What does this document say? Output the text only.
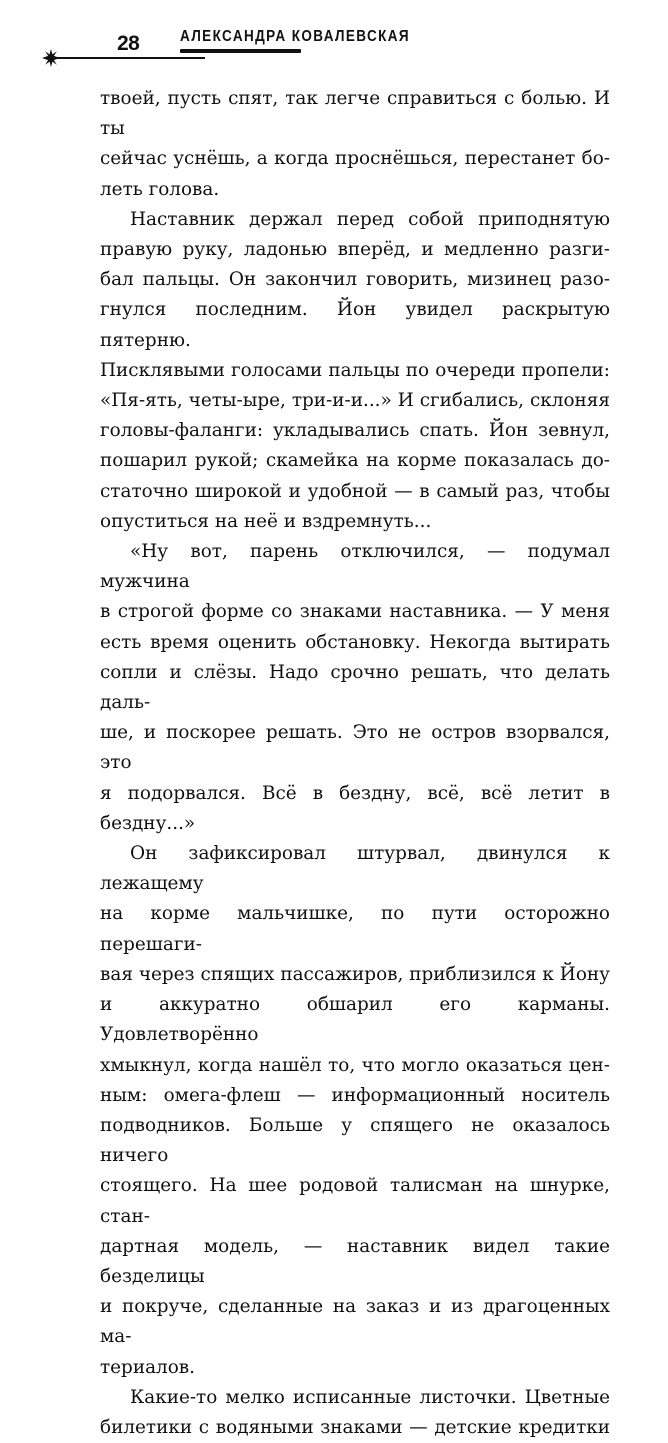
28	АЛЕКСАНДРА КОВАЛЕВСКАЯ

твоей, пусть спят, так легче справиться с болью. И ты
сейчас уснёшь, а когда проснёшься, перестанет бо-
леть голова.

Наставник держал перед собой приподнятую
правую руку, ладонью вперёд, и медленно разги-
бал пальцы. Он закончил говорить, мизинец разо-
гнулся последним. Йон увидел раскрытую пятерню.
Писклявыми голосами пальцы по очереди пропели:
«Пя-ять, четы-ыре, три-и-и...» И сгибались, склоняя
головы-фаланги: укладывались спать. Йон зевнул,
пошарил рукой; скамейка на корме показалась до-
статочно широкой и удобной — в самый раз, чтобы
опуститься на неё и вздремнуть...

«Ну вот, парень отключился, — подумал мужчина
в строгой форме со знаками наставника. — У меня
есть время оценить обстановку. Некогда вытирать
сопли и слёзы. Надо срочно решать, что делать даль-
ше, и поскорее решать. Это не остров взорвался, это
я подорвался. Всё в бездну, всё, всё летит в бездну...»

Он зафиксировал штурвал, двинулся к лежащему
на корме мальчишке, по пути осторожно перешаги-
вая через спящих пассажиров, приблизился к Йону
и аккуратно обшарил его карманы. Удовлетворённо
хмыкнул, когда нашёл то, что могло оказаться цен-
ным: омега-флеш — информационный носитель
подводников. Больше у спящего не оказалось ничего
стоящего. На шее родовой талисман на шнурке, стан-
дартная модель, — наставник видел такие безделицы
и покруче, сделанные на заказ и из драгоценных ма-
териалов.

Какие-то мелко исписанные листочки. Цветные
билетики с водяными знаками — детские кредитки
